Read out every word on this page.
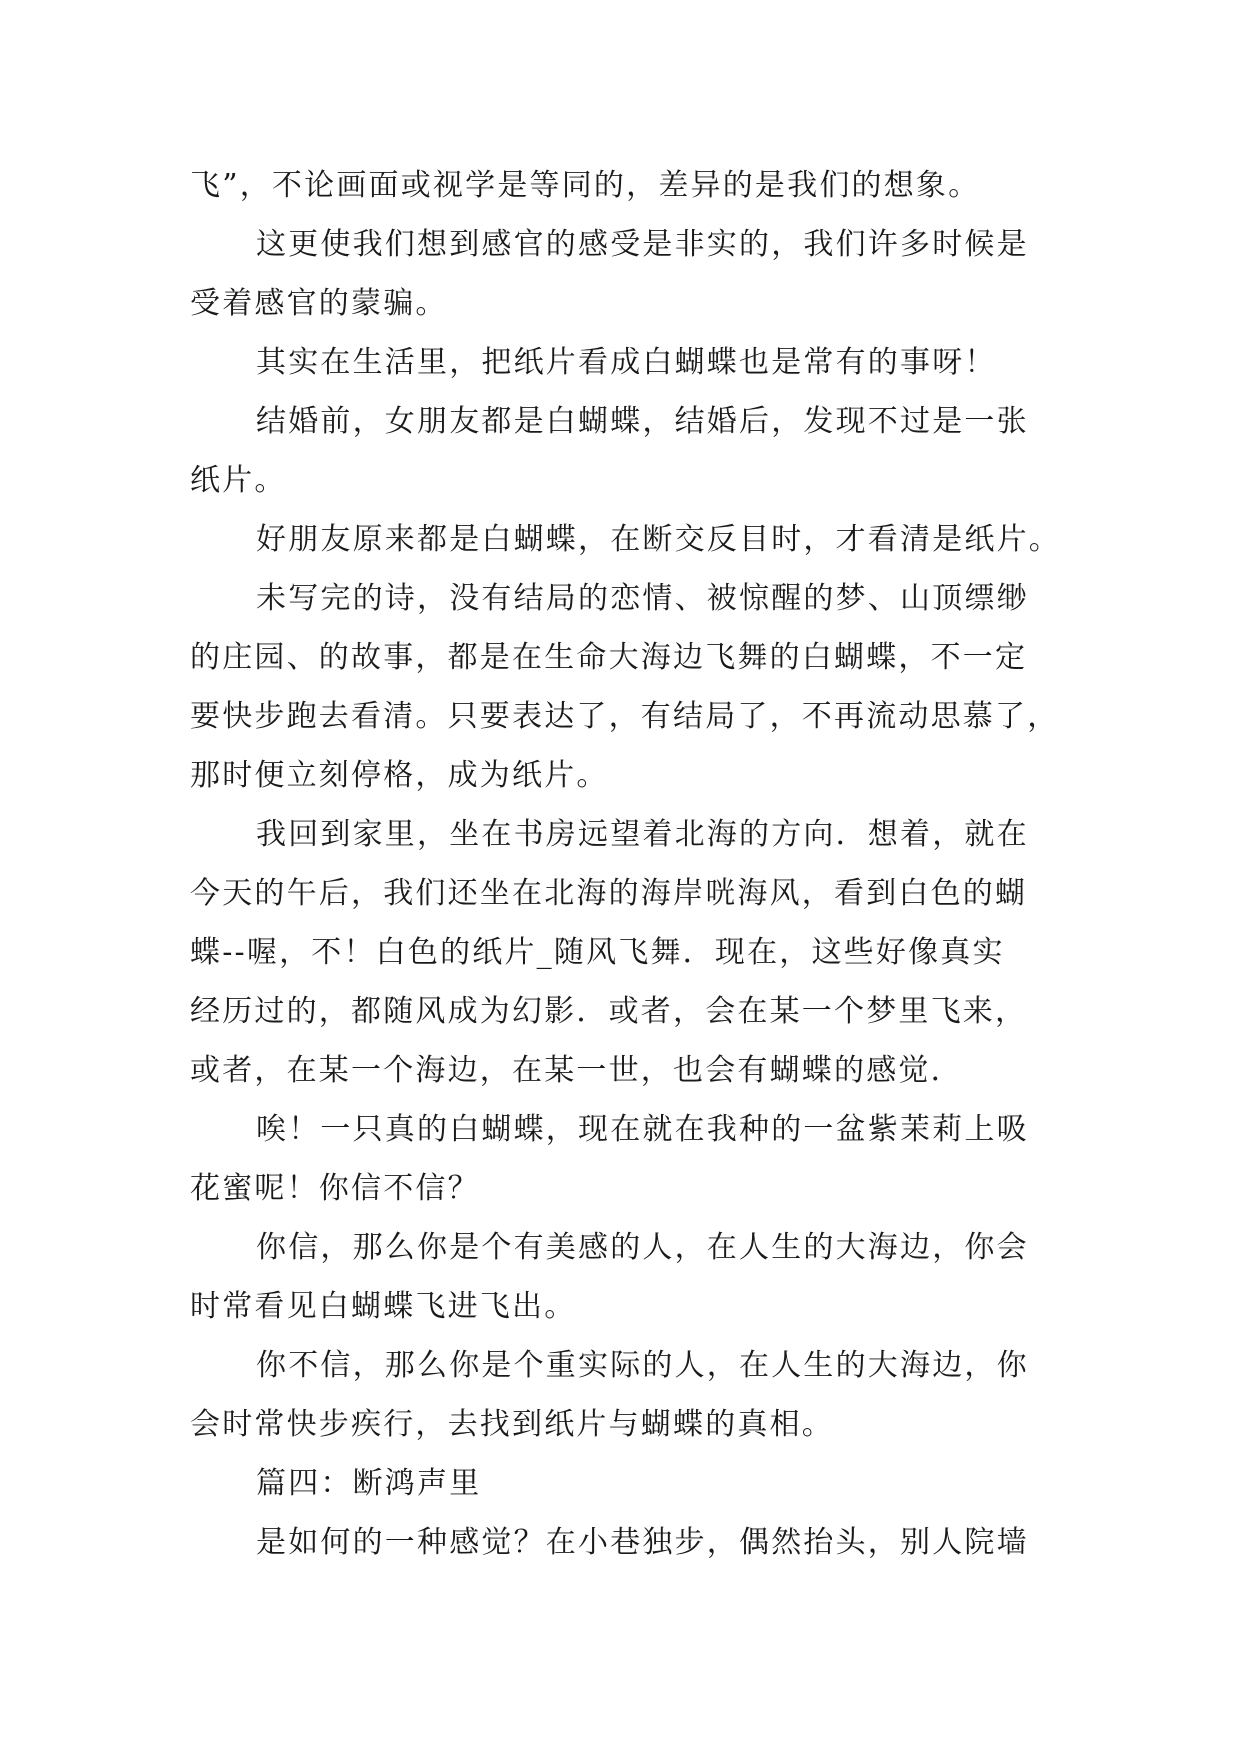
飞”，不论画面或视学是等同的，差异的是我们的想象。
这更使我们想到感官的感受是非实的，我们许多时候是
受着感官的蒙骗。
其实在生活里，把纸片看成白蝴蝶也是常有的事呀！
结婚前，女朋友都是白蝴蝶，结婚后，发现不过是一张
纸片。
好朋友原来都是白蝴蝶，在断交反目时，才看清是纸片。
未写完的诗，没有结局的恋情、被惊醒的梦、山顶缥缈
的庄园、的故事，都是在生命大海边飞舞的白蝴蝶，不一定
要快步跑去看清。只要表达了，有结局了，不再流动思慕了，
那时便立刻停格，成为纸片。
我回到家里，坐在书房远望着北海的方向．想着，就在
今天的午后，我们还坐在北海的海岸咣海风，看到白色的蝴
蝶--喔，不！白色的纸片_随风飞舞．现在，这些好像真实
经历过的，都随风成为幻影．或者，会在某一个梦里飞来，
或者，在某一个海边，在某一世，也会有蝴蝶的感觉．
唉！一只真的白蝴蝶，现在就在我种的一盆紫茉莉上吸
花蜜呢！你信不信？
你信，那么你是个有美感的人，在人生的大海边，你会
时常看见白蝴蝶飞进飞出。
你不信，那么你是个重实际的人，在人生的大海边，你
会时常快步疾行，去找到纸片与蝴蝶的真相。
篇四：断鸿声里
是如何的一种感觉？在小巷独步，偶然抬头，别人院墙
